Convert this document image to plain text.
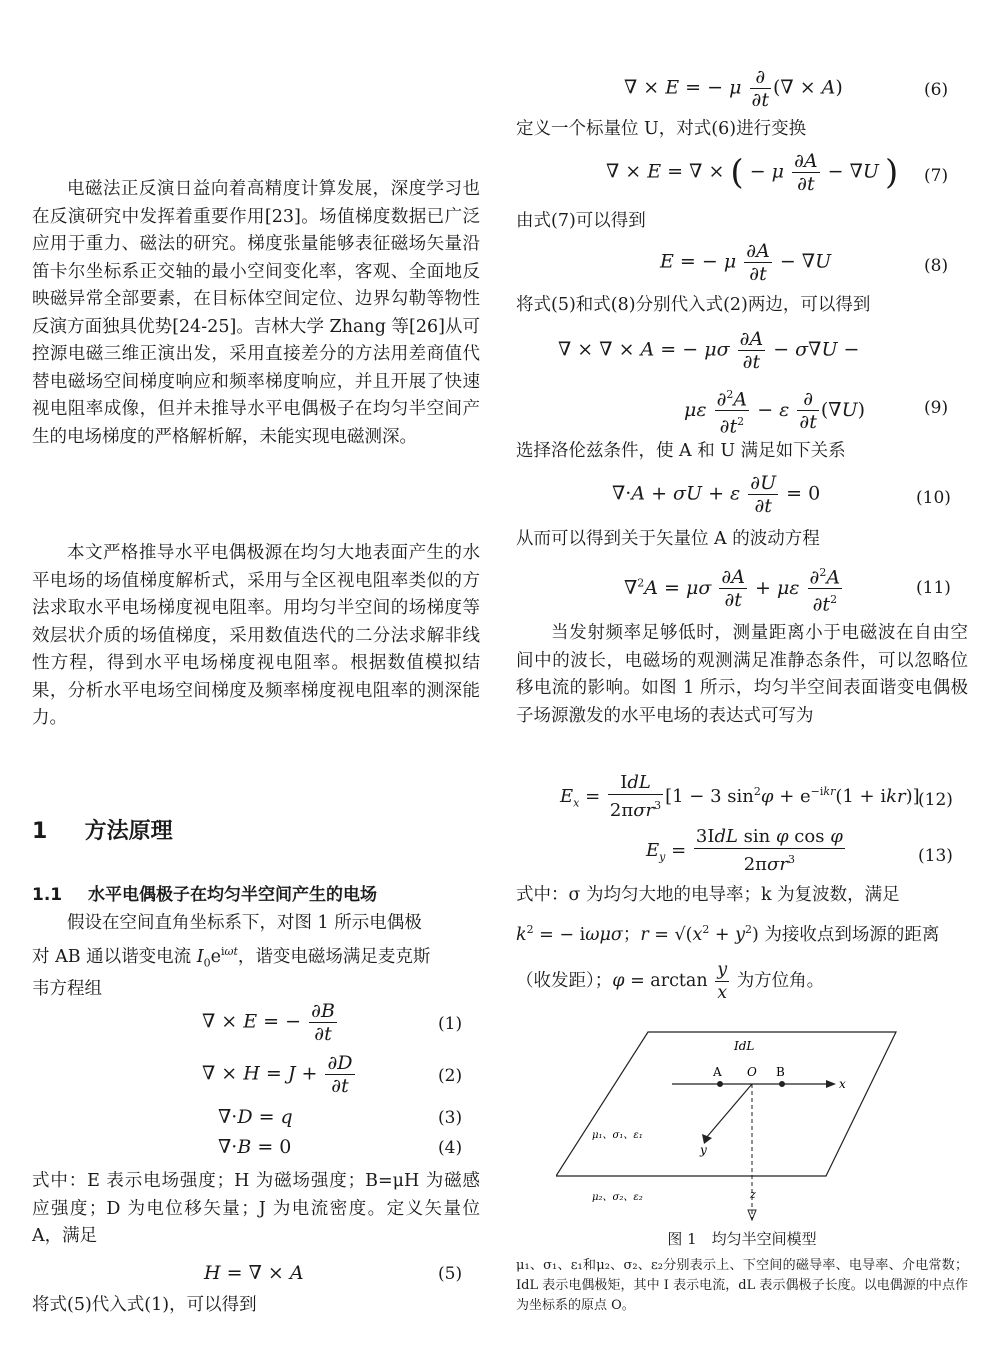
电磁法正反演日益向着高精度计算发展，深度学习也在反演研究中发挥着重要作用[23]。场值梯度数据已广泛应用于重力、磁法的研究。梯度张量能够表征磁场矢量沿笛卡尔坐标系正交轴的最小空间变化率，客观、全面地反映磁异常全部要素，在目标体空间定位、边界勾勒等物性反演方面独具优势[24-25]。吉林大学 Zhang 等[26]从可控源电磁三维正演出发，采用直接差分的方法用差商值代替电磁场空间梯度响应和频率梯度响应，并且开展了快速视电阻率成像，但并未推导水平电偶极子在均匀半空间产生的电场梯度的严格解析解，未能实现电磁测深。

本文严格推导水平电偶极源在均匀大地表面产生的水平电场的场值梯度解析式，采用与全区视电阻率类似的方法求取水平电场梯度视电阻率。用均匀半空间的场梯度等效层状介质的场值梯度，采用数值迭代的二分法求解非线性方程，得到水平电场梯度视电阻率。根据数值模拟结果，分析水平电场空间梯度及频率梯度视电阻率的测深能力。

1 方法原理
1.1 水平电偶极子在均匀半空间产生的电场
假设在空间直角坐标系下，对图 1 所示电偶极
对 AB 通以谐变电流 $I_0e^{i\omega t}$，谐变电磁场满足麦克斯
韦方程组
∇ × E = − $\frac{\partial B}{\partial t}$	(1)
∇ × $H = J + \frac{\partial D}{\partial t}$	(2)
∇·D = q	(3)
∇·B = 0	(4)

式中：E 表示电场强度；H 为磁场强度；B=μH 为磁感应强度；D 为电位移矢量；J 为电流密度。定义矢量位 A，满足

H = ∇ × A	(5)

将式(5)代入式(1)，可以得到

∇ × E = − μ $\frac{\partial}{\partial t}$ (∇ × A)	(6)

定义一个标量位 U，对式(6)进行变换

∇ × E = ∇ × ( − μ $\frac{\partial A}{\partial t} - \nabla U$ ) (7)

由式(7)可以得到

E = − μ $\frac{\partial A}{\partial t} - \nabla U$	(8)

将式(5)和式(8)分别代入式(2)两边，可以得到

∇ × ∇ × A = − μσ $\frac{\partial A}{\partial t} - \sigma\nabla U$ −
με $\frac{\partial^2A}{\partial t^2} - \varepsilon \frac{\partial}{\partial t} (\nabla U)$	(9)

选择洛伦兹条件，使 A 和 U 满足如下关系

∇·A + σU + ε $\frac{\partial U}{\partial t} = 0$	(10)

从而可以得到关于矢量位 A 的波动方程

∇$^2$A = μσ $\frac{\partial A}{\partial t} + \mu\varepsilon \frac{\partial^2A}{\partial t^2}$	(11)

当发射频率足够低时，测量距离小于电磁波在自由空间中的波长，电磁场的观测满足准静态条件，可以忽略位移电流的影响。如图 1 所示，均匀半空间表面谐变电偶极子场源激发的水平电场的表达式可写为

$E_x = \frac{\text{IdL}}{2\pi\sigma r^3} [1 - 3$ $\sin^2\varphi + e^{-ikr}(1 + ikr)$]
(12)
$E_y = \frac{\text{3IdL sin φ cos φ}}{2\pi\sigma r^3}$	(13)
式中：σ 为均匀大地的电导率；k 为复波数，满足
$k^2$ = − iωμσ；$r = √(x^2 + y^2)$ 为接收点到场源的距离
（收发距）；$\varphi = \arctan \frac{y}{x}$ 为方位角。
IdL
A O B
x
y
z
μ₁、σ₁、ε₁
μ₂、σ₂、ε₂
图 1　均匀半空间模型
μ₁、σ₁、ε₁和μ₂、σ₂、ε₂分别表示上、下空间的磁导率、电导率、介电常数；IdL 表示电偶极矩，其中 I 表示电流，dL 表示偶极子长度。以电偶源的中点作为坐标系的原点 O。
